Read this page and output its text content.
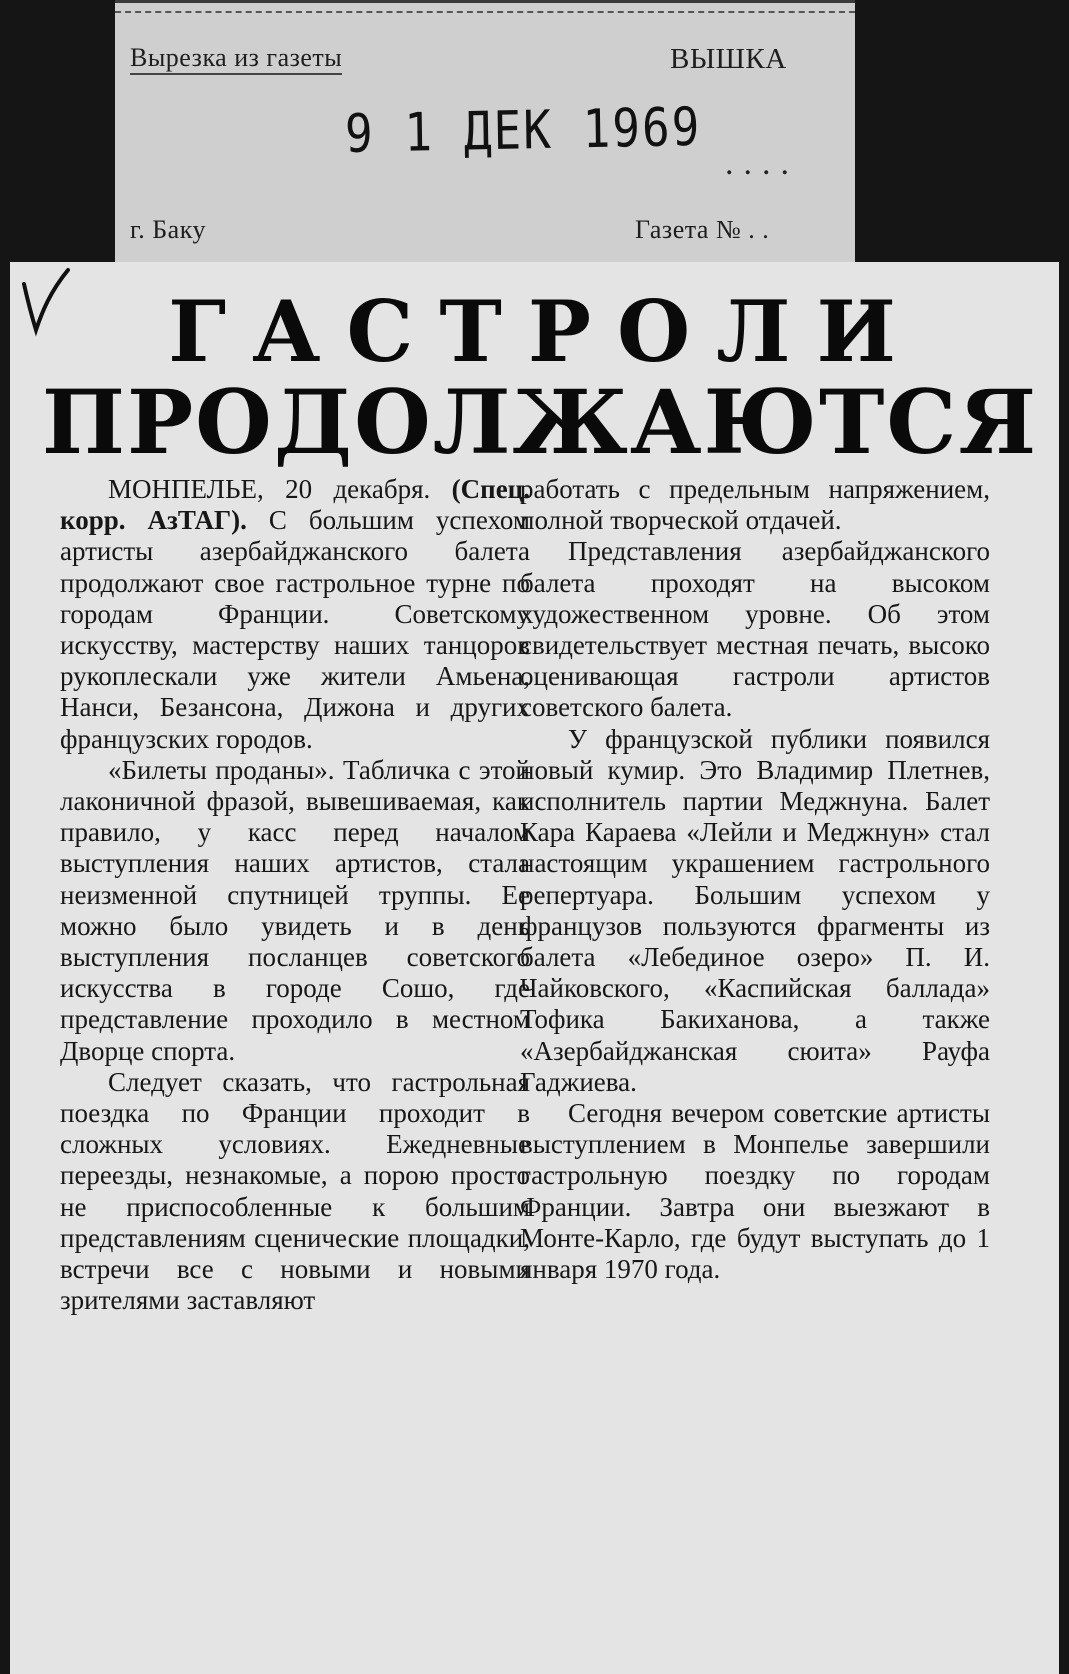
Вырезка из газеты	ВЫШКА
9 1 ДЕК 1969 ....
г. Баку	Газета № . .
ГАСТРОЛИ
ПРОДОЛЖАЮТСЯ

МОНПЕЛЬЕ, 20 декабря. (Спец. корр. АзТАГ). С большим успехом артисты азербайджанского балета продолжают свое гастрольное турне по городам Франции. Советскому искусству, мастерству наших танцоров рукоплескали уже жители Амьена, Нанси, Безансона, Дижона и других французских городов.

«Билеты проданы». Табличка с этой лаконичной фразой, вывешиваемая, как правило, у касс перед началом выступления наших артистов, стала неизменной спутницей труппы. Ее можно было увидеть и в день выступления посланцев советского искусства в городе Сошо, где представление проходило в местном Дворце спорта.

Следует сказать, что гастрольная поездка по Франции проходит в сложных условиях. Ежедневные переезды, незнакомые, а порою просто не приспособленные к большим представлениям сценические площадки, встречи все с новыми и новыми зрителями заставляют

работать с предельным напряжением, полной творческой отдачей.

Представления азербайджанского балета проходят на высоком художественном уровне. Об этом свидетельствует местная печать, высоко оценивающая гастроли артистов советского балета.

У французской публики появился новый кумир. Это Владимир Плетнев, исполнитель партии Меджнуна. Балет Кара Караева «Лейли и Меджнун» стал настоящим украшением гастрольного репертуара. Большим успехом у французов пользуются фрагменты из балета «Лебединое озеро» П. И. Чайковского, «Каспийская баллада» Тофика Бакиханова, а также «Азербайджанская сюита» Рауфа Гаджиева.

Сегодня вечером советские артисты выступлением в Монпелье завершили гастрольную поездку по городам Франции. Завтра они выезжают в Монте-Карло, где будут выступать до 1 января 1970 года.
